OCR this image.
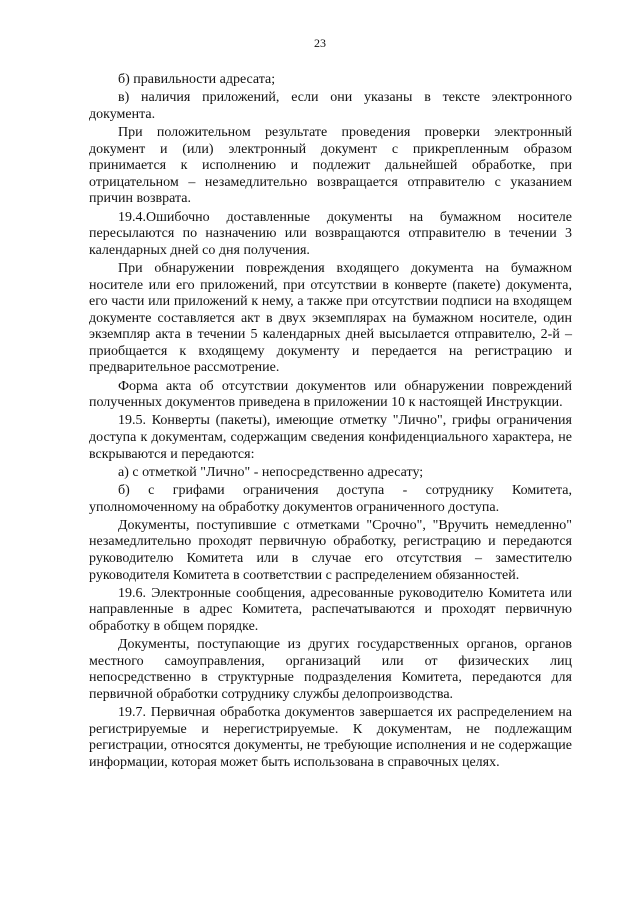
23

б) правильности адресата;

в) наличия приложений, если они указаны в тексте электронного документа.

При положительном результате проведения проверки электронный документ и (или) электронный документ с прикрепленным образом принимается к исполнению и подлежит дальнейшей обработке, при отрицательном – незамедлительно возвращается отправителю с указанием причин возврата.

19.4.Ошибочно доставленные документы на бумажном носителе пересылаются по назначению или возвращаются отправителю в течении 3 календарных дней со дня получения.

При обнаружении повреждения входящего документа на бумажном носителе или его приложений, при отсутствии в конверте (пакете) документа, его части или приложений к нему, а также при отсутствии подписи на входящем документе составляется акт в двух экземплярах на бумажном носителе, один экземпляр акта в течении 5 календарных дней высылается отправителю, 2-й – приобщается к входящему документу и передается на регистрацию и предварительное рассмотрение.

Форма акта об отсутствии документов или обнаружении повреждений полученных документов приведена в приложении 10 к настоящей Инструкции.

19.5. Конверты (пакеты), имеющие отметку "Лично", грифы ограничения доступа к документам, содержащим сведения конфиденциального характера, не вскрываются и передаются:

а) с отметкой "Лично" - непосредственно адресату;

б) с грифами ограничения доступа - сотруднику Комитета, уполномоченному на обработку документов ограниченного доступа.

Документы, поступившие с отметками "Срочно", "Вручить немедленно" незамедлительно проходят первичную обработку, регистрацию и передаются руководителю Комитета или в случае его отсутствия – заместителю руководителя Комитета в соответствии с распределением обязанностей.

19.6. Электронные сообщения, адресованные руководителю Комитета или направленные в адрес Комитета, распечатываются и проходят первичную обработку в общем порядке.

Документы, поступающие из других государственных органов, органов местного самоуправления, организаций или от физических лиц непосредственно в структурные подразделения Комитета, передаются для первичной обработки сотруднику службы делопроизводства.

19.7. Первичная обработка документов завершается их распределением на регистрируемые и нерегистрируемые. К документам, не подлежащим регистрации, относятся документы, не требующие исполнения и не содержащие информации, которая может быть использована в справочных целях.
